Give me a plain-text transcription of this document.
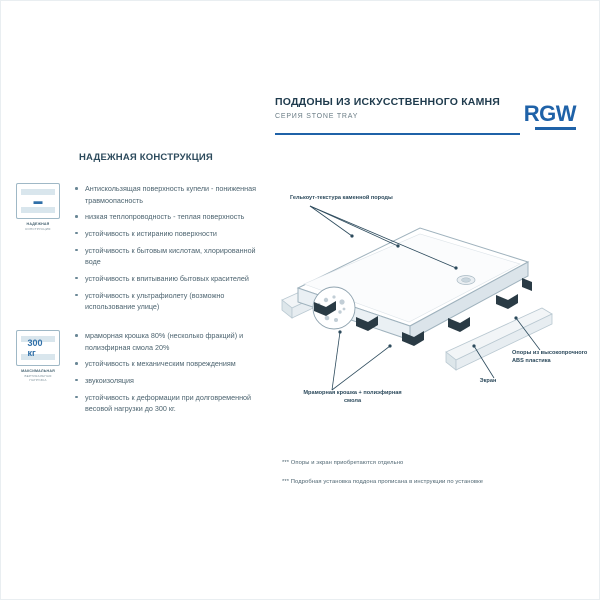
ПОДДОНЫ ИЗ ИСКУССТВЕННОГО КАМНЯ
СЕРИЯ STONE TRAY	RGW
НАДЕЖНАЯ КОНСТРУКЦИЯ
▬
НАДЕЖНАЯ
КОНСТРУКЦИЯ
Антискользящая поверхность купели - пониженная травмоопасность
низкая теплопроводность - теплая поверхность
устойчивость к истиранию поверхности
устойчивость к бытовым кислотам, хлорированной воде
устойчивость к впитыванию бытовых красителей
устойчивость к ультрафиолету (возможно использование улице)
300 кг
МАКСИМАЛЬНАЯ
ВЕРТИКАЛЬНАЯ НАГРУЗКА
мраморная крошка 80% (несколько фракций) и полиэфирная смола 20%
устойчивость к механическим повреждениям
звукоизоляция
устойчивость к деформации при долговременной весовой нагрузки до 300 кг.
Гелькоут-текстура каменной породы
Мраморная крошка + полиэфирная смола
Экран
Опоры из высокопрочного ABS пластика
*** Опоры и экран приобретаются отдельно
*** Подробная установка поддона прописана в инструкции по установке
